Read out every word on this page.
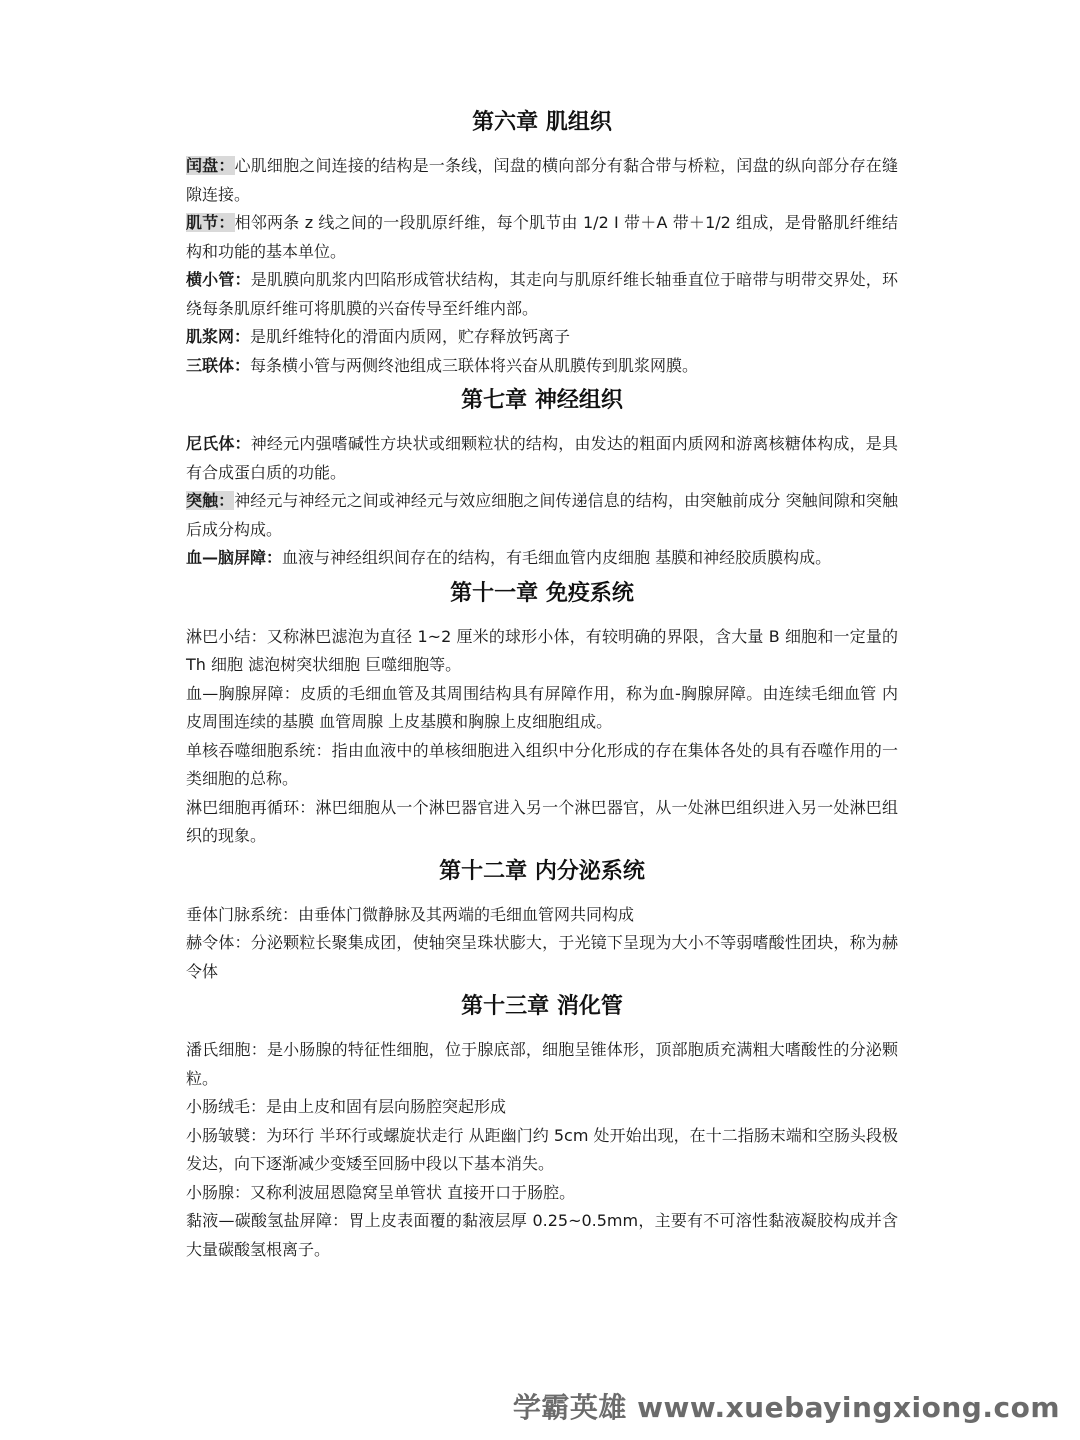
第六章 肌组织

闰盘：心肌细胞之间连接的结构是一条线，闰盘的横向部分有黏合带与桥粒，闰盘的纵向部分存在缝隙连接。

肌节：相邻两条 z 线之间的一段肌原纤维，每个肌节由 1/2 I 带＋A 带＋1/2 组成，是骨骼肌纤维结构和功能的基本单位。

横小管：是肌膜向肌浆内凹陷形成管状结构，其走向与肌原纤维长轴垂直位于暗带与明带交界处，环绕每条肌原纤维可将肌膜的兴奋传导至纤维内部。

肌浆网：是肌纤维特化的滑面内质网，贮存释放钙离子

三联体：每条横小管与两侧终池组成三联体将兴奋从肌膜传到肌浆网膜。

第七章 神经组织

尼氏体：神经元内强嗜碱性方块状或细颗粒状的结构，由发达的粗面内质网和游离核糖体构成，是具有合成蛋白质的功能。

突触：神经元与神经元之间或神经元与效应细胞之间传递信息的结构，由突触前成分 突触间隙和突触后成分构成。

血—脑屏障：血液与神经组织间存在的结构，有毛细血管内皮细胞 基膜和神经胶质膜构成。

第十一章 免疫系统

淋巴小结：又称淋巴滤泡为直径 1~2 厘米的球形小体，有较明确的界限，含大量 B 细胞和一定量的 Th 细胞 滤泡树突状细胞 巨噬细胞等。

血—胸腺屏障：皮质的毛细血管及其周围结构具有屏障作用，称为血-胸腺屏障。由连续毛细血管 内皮周围连续的基膜 血管周腺 上皮基膜和胸腺上皮细胞组成。

单核吞噬细胞系统：指由血液中的单核细胞进入组织中分化形成的存在集体各处的具有吞噬作用的一类细胞的总称。

淋巴细胞再循环：淋巴细胞从一个淋巴器官进入另一个淋巴器官，从一处淋巴组织进入另一处淋巴组织的现象。

第十二章 内分泌系统

垂体门脉系统：由垂体门微静脉及其两端的毛细血管网共同构成

赫令体：分泌颗粒长聚集成团，使轴突呈珠状膨大，于光镜下呈现为大小不等弱嗜酸性团块，称为赫令体

第十三章 消化管

潘氏细胞：是小肠腺的特征性细胞，位于腺底部，细胞呈锥体形，顶部胞质充满粗大嗜酸性的分泌颗粒。

小肠绒毛：是由上皮和固有层向肠腔突起形成

小肠皱襞：为环行 半环行或螺旋状走行 从距幽门约 5cm 处开始出现，在十二指肠末端和空肠头段极发达，向下逐渐减少变矮至回肠中段以下基本消失。

小肠腺：又称利波屈恩隐窝呈单管状 直接开口于肠腔。

黏液—碳酸氢盐屏障：胃上皮表面覆的黏液层厚 0.25~0.5mm，主要有不可溶性黏液凝胶构成并含大量碳酸氢根离子。

学霸英雄 www.xuebayingxiong.com
